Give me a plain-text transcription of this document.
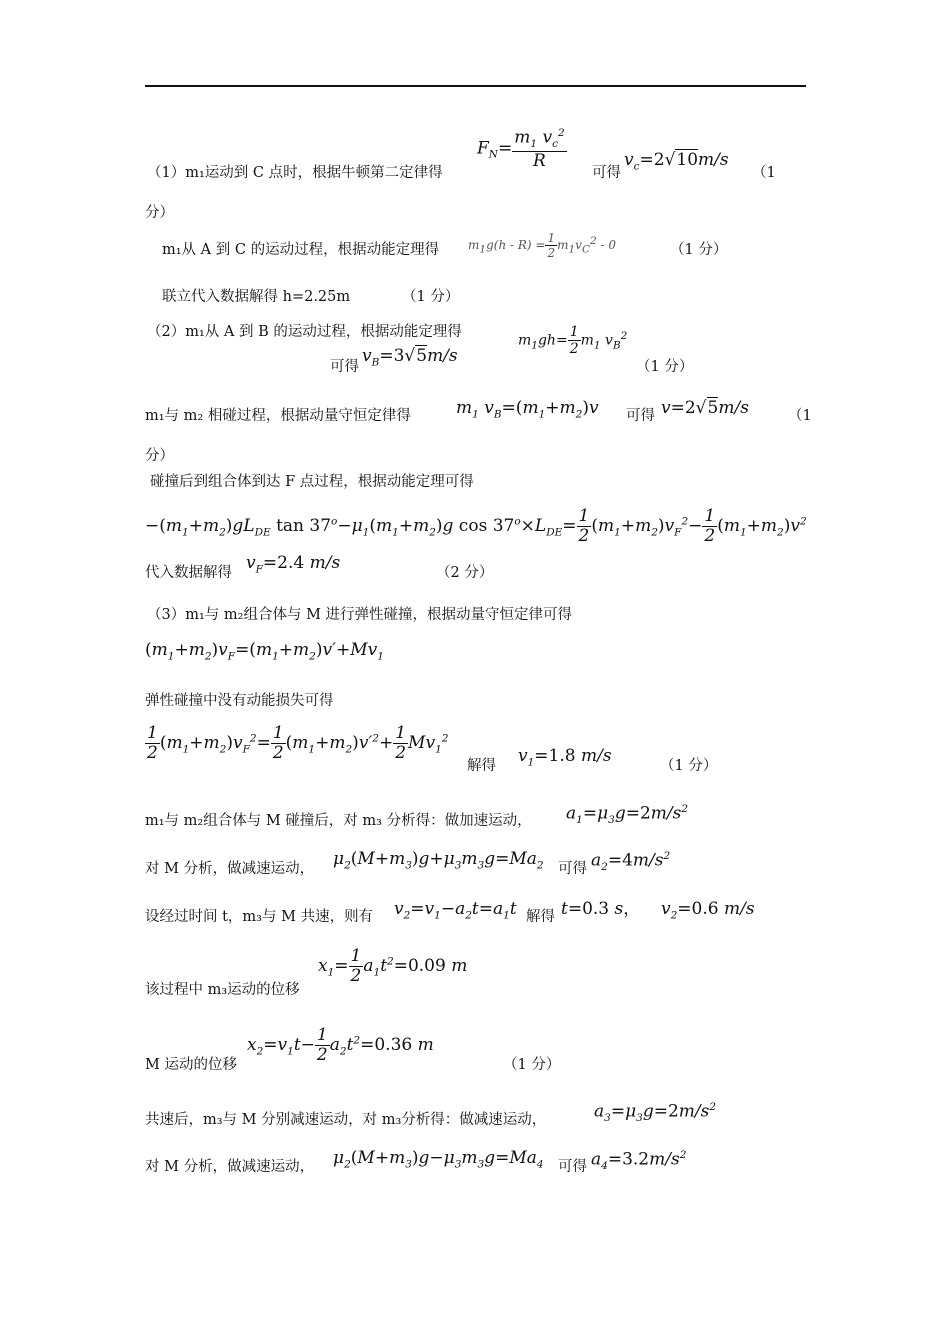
（1）m₁运动到 C 点时，根据牛顿第二定律得
$F_N= \frac{m_1 v_c^2}{R}$
可得
$v_c=2√10m/s$
（1
分）
m₁从 A 到 C 的运动过程，根据动能定理得 $m_1g(h - R) = \frac{1}{2} m_1v_C^2 - 0$	（1 分）
联立代入数据解得 h=2.25m	（1 分）
（2）m₁从 A 到 B 的运动过程，根据动能定理得
$m_1gh= \frac{1}{2} m_1$ $v_B^2$
可得
$v_B=3√5m/s$
（1 分）
m₁与 m₂ 相碰过程，根据动量守恒定律得	$m_1$ $v_B=(m_1+m_2)v$ 可得 v=2√5m/s	（1
分）
碰撞后到组合体到达 F 点过程，根据动能定理可得
$-(m_1+m_2)gL_{DE}$ $\tan 37^o-\mu_1(m_1+m_2)g$ $\cos 37^o\times L_{DE}= \frac{1}{2} (m_1+m_2)v_F^2- \frac{1}{2} (m_1+m_2)v^2$
代入数据解得 $v_F=2.4$ m/s	（2 分）
（3）m₁与 m₂组合体与 M 进行弹性碰撞，根据动量守恒定律可得
$(m_1+m_2)v_F=(m_1+m_2)v'+Mv_1$
弹性碰撞中没有动能损失可得
$\frac{1}{2} (m_1+m_2)v_F^2= \frac{1}{2} (m_1+m_2)v'^2+ \frac{1}{2} Mv_1^2$
解得 $v_1=1.8$ m/s	（1 分）
m₁与 m₂组合体与 M 碰撞后，对 m₃ 分析得：做加速运动， $a_1=\mu_3g=2m/s^2$
对 M 分析，做减速运动， $\mu_2(M+m_3)g+\mu_3m_3g=Ma_2$ 可得 $a_2=4m/s^2$
设经过时间 t，m₃与 M 共速，则有 $v_2=v_1-a_2t=a_1t$ 解得 t=0.3 s， $v_2=0.6$ m/s
该过程中 m₃运动的位移
$x_1= \frac{1}{2} a_1t^2=0.09$ m
M 运动的位移
$x_2=v_1t- \frac{1}{2} a_2t^2=0.36$ m
（1 分）
共速后，m₃与 M 分别减速运动，对 m₃分析得：做减速运动，	$a_3=\mu_3g=2m/s^2$
对 M 分析，做减速运动， $\mu_2(M+m_3)g-\mu_3m_3g=Ma_4$ 可得 $a_4=3.2m/s^2$
